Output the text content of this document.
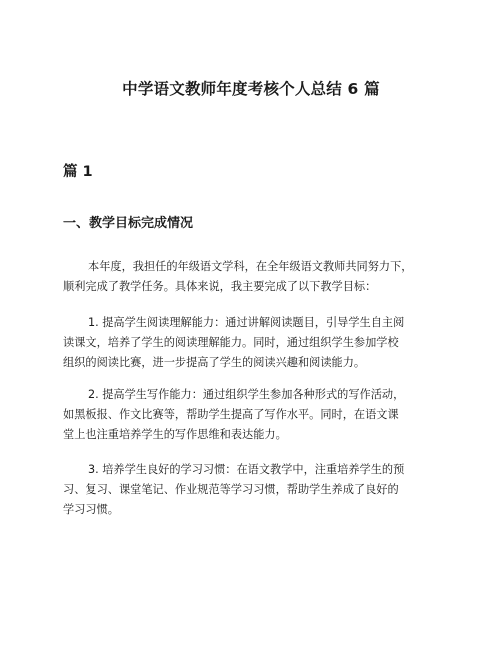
中学语文教师年度考核个人总结 6 篇
篇 1
一、教学目标完成情况
本年度，我担任的年级语文学科，在全年级语文教师共同努力下，
顺利完成了教学任务。具体来说，我主要完成了以下教学目标：
1. 提高学生阅读理解能力：通过讲解阅读题目，引导学生自主阅
读课文，培养了学生的阅读理解能力。同时，通过组织学生参加学校
组织的阅读比赛，进一步提高了学生的阅读兴趣和阅读能力。
2. 提高学生写作能力：通过组织学生参加各种形式的写作活动，
如黑板报、作文比赛等，帮助学生提高了写作水平。同时，在语文课
堂上也注重培养学生的写作思维和表达能力。
3. 培养学生良好的学习习惯：在语文教学中，注重培养学生的预
习、复习、课堂笔记、作业规范等学习习惯，帮助学生养成了良好的
学习习惯。
